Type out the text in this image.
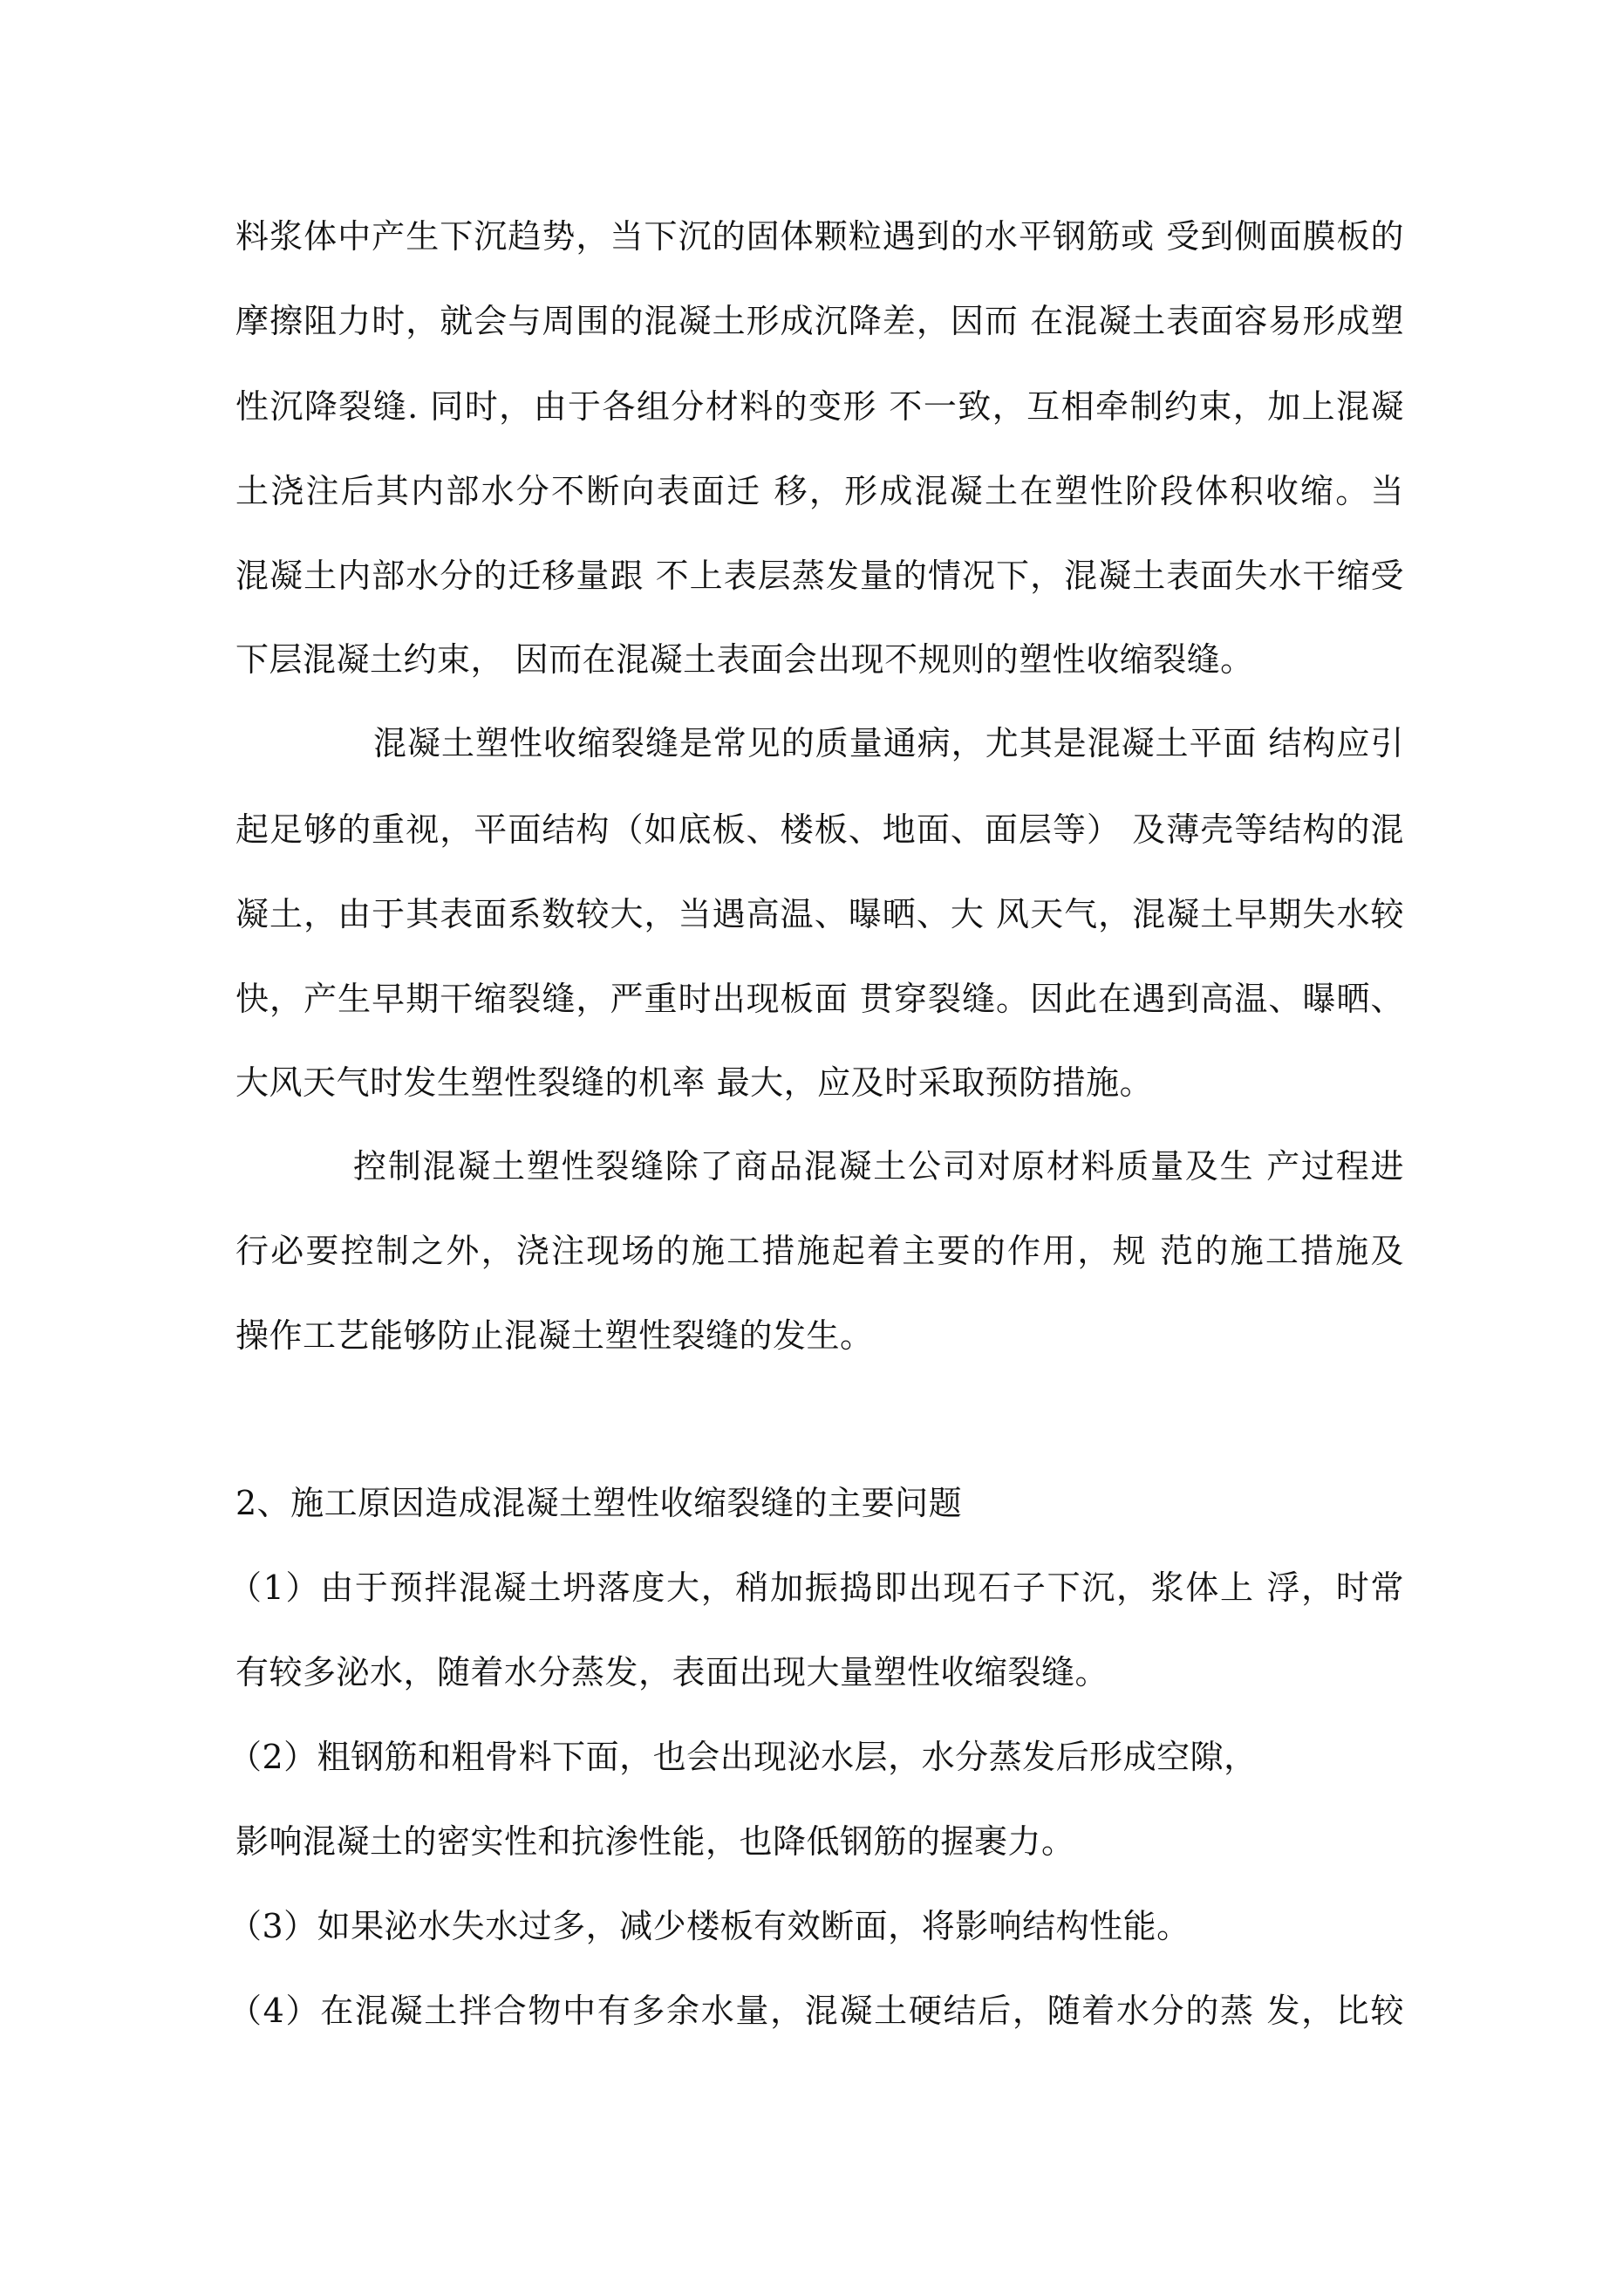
料浆体中产生下沉趋势，当下沉的固体颗粒遇到的水平钢筋或 受到侧面膜板的
摩擦阻力时，就会与周围的混凝土形成沉降差，因而 在混凝土表面容易形成塑
性沉降裂缝. 同时，由于各组分材料的变形 不一致，互相牵制约束，加上混凝
土浇注后其内部水分不断向表面迁 移，形成混凝土在塑性阶段体积收缩。当
混凝土内部水分的迁移量跟 不上表层蒸发量的情况下，混凝土表面失水干缩受
下层混凝土约束， 因而在混凝土表面会出现不规则的塑性收缩裂缝。
混凝土塑性收缩裂缝是常见的质量通病，尤其是混凝土平面 结构应引
起足够的重视，平面结构（如底板、楼板、地面、面层等） 及薄壳等结构的混
凝土，由于其表面系数较大，当遇高温、曝晒、大 风天气，混凝土早期失水较
快，产生早期干缩裂缝，严重时出现板面 贯穿裂缝。因此在遇到高温、曝晒、
大风天气时发生塑性裂缝的机率 最大，应及时采取预防措施。
控制混凝土塑性裂缝除了商品混凝土公司对原材料质量及生 产过程进
行必要控制之外，浇注现场的施工措施起着主要的作用，规 范的施工措施及
操作工艺能够防止混凝土塑性裂缝的发生。
2、施工原因造成混凝土塑性收缩裂缝的主要问题
（1）由于预拌混凝土坍落度大，稍加振捣即出现石子下沉，浆体上 浮，时常
有较多泌水，随着水分蒸发，表面出现大量塑性收缩裂缝。
（2）粗钢筋和粗骨料下面，也会出现泌水层，水分蒸发后形成空隙，
影响混凝土的密实性和抗渗性能，也降低钢筋的握裹力。
（3）如果泌水失水过多，减少楼板有效断面，将影响结构性能。
（4）在混凝土拌合物中有多余水量，混凝土硬结后，随着水分的蒸 发，比较
